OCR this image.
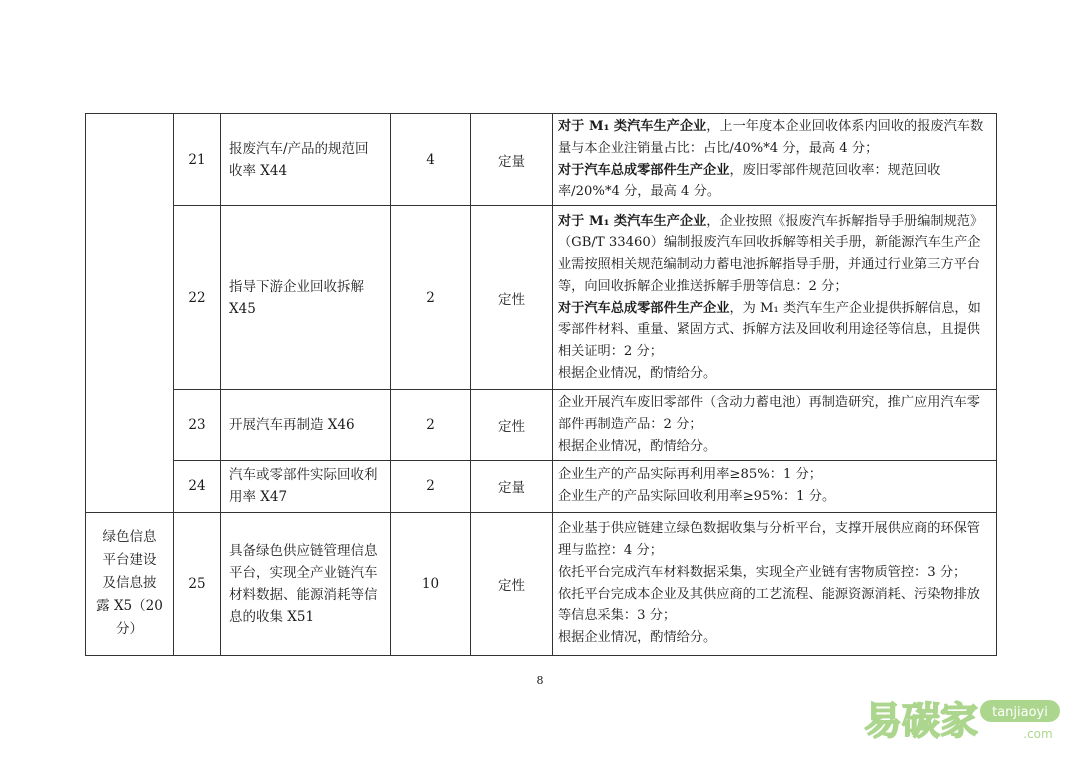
	21	报废汽车/产品的规范回收率 X44	4	定量	对于 M₁ 类汽车生产企业，上一年度本企业回收体系内回收的报废汽车数量与本企业注销量占比：占比/40%*4 分，最高 4 分；
对于汽车总成零部件生产企业，废旧零部件规范回收率：规范回收率/20%*4 分，最高 4 分。

	22	指导下游企业回收拆解 X45	2	定性	对于 M₁ 类汽车生产企业，企业按照《报废汽车拆解指导手册编制规范》（GB/T 33460）编制报废汽车回收拆解等相关手册，新能源汽车生产企业需按照相关规范编制动力蓄电池拆解指导手册，并通过行业第三方平台等，向回收拆解企业推送拆解手册等信息：2 分；
对于汽车总成零部件生产企业，为 M₁ 类汽车生产企业提供拆解信息，如零部件材料、重量、紧固方式、拆解方法及回收利用途径等信息，且提供相关证明：2 分；
根据企业情况，酌情给分。

	23	开展汽车再制造 X46	2	定性	企业开展汽车废旧零部件（含动力蓄电池）再制造研究，推广应用汽车零部件再制造产品：2 分；
根据企业情况，酌情给分。

	24	汽车或零部件实际回收利用率 X47	2	定量	企业生产的产品实际再利用率≥85%：1 分；
企业生产的产品实际回收利用率≥95%：1 分。

绿色信息平台建设及信息披露 X5（20 分）	25	具备绿色供应链管理信息平台，实现全产业链汽车材料数据、能源消耗等信息的收集 X51	10	定性	企业基于供应链建立绿色数据收集与分析平台，支撑开展供应商的环保管理与监控：4 分；
依托平台完成汽车材料数据采集，实现全产业链有害物质管控：3 分；
依托平台完成本企业及其供应商的工艺流程、能源资源消耗、污染物排放等信息采集：3 分；
根据企业情况，酌情给分。
8
易碳家 tanjiaoyi
.com
